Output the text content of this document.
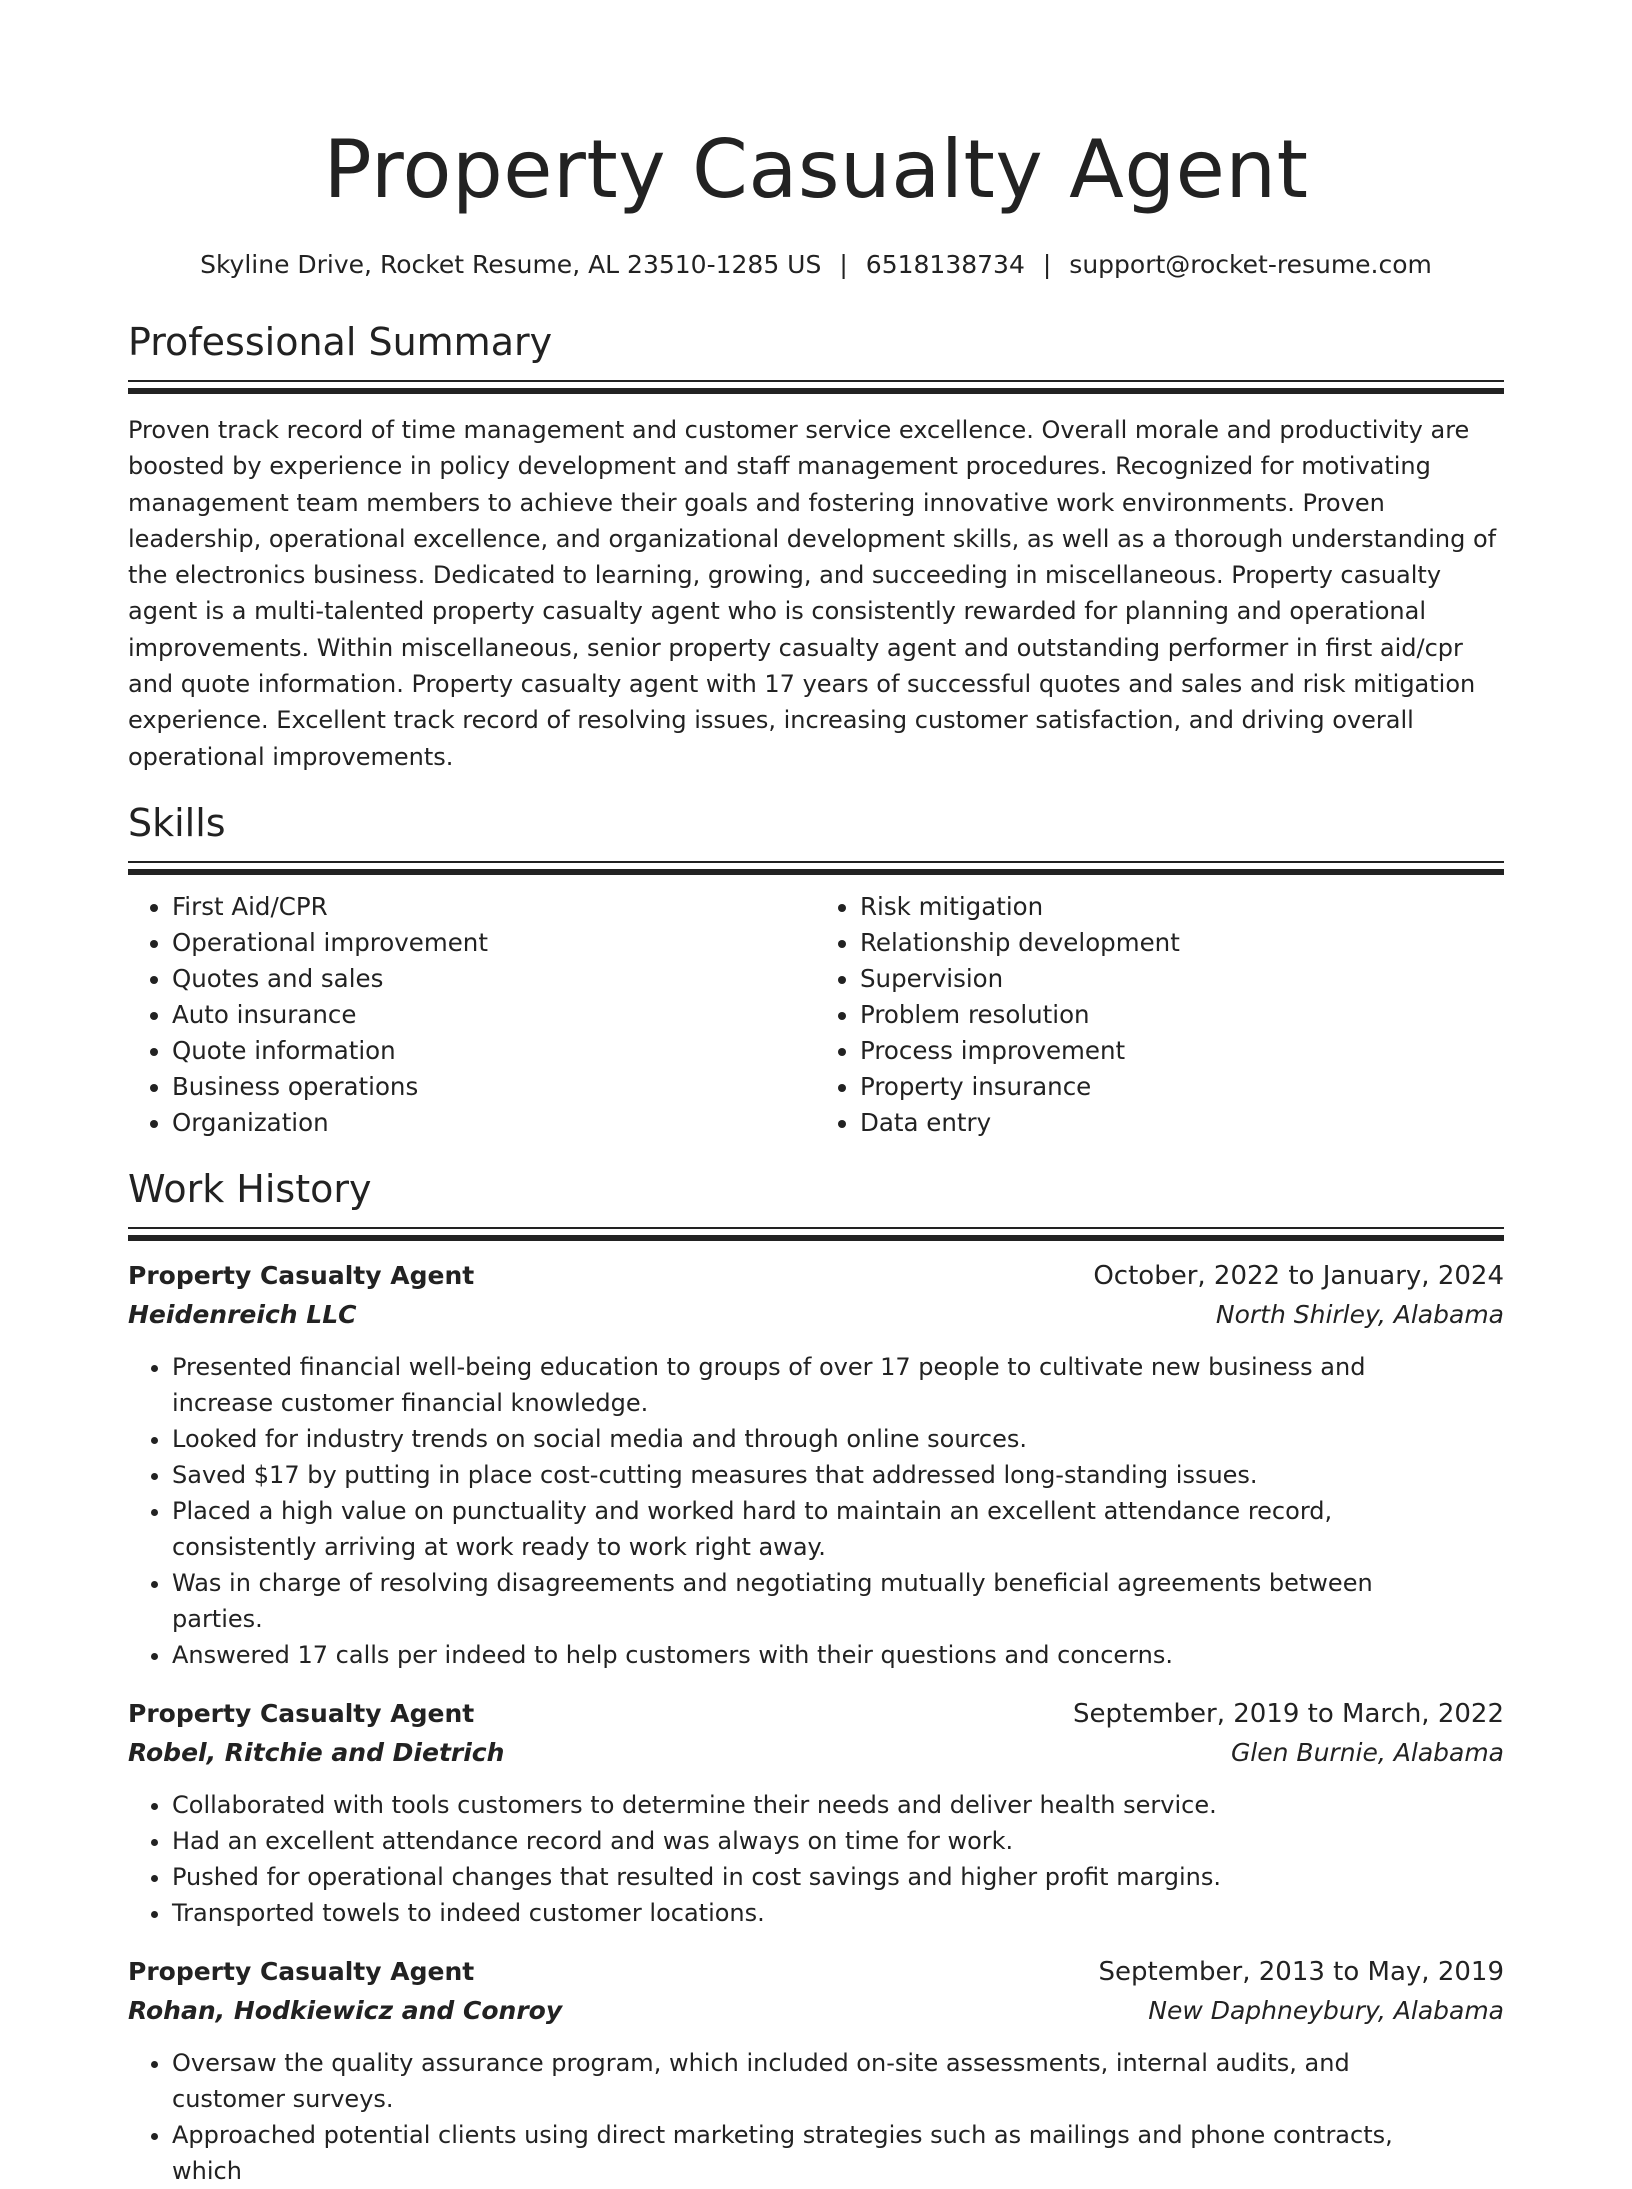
Property Casualty Agent
Skyline Drive, Rocket Resume, AL 23510-1285 US | 6518138734 | support@rocket-resume.com
Professional Summary

Proven track record of time management and customer service excellence. Overall morale and productivity are boosted by experience in policy development and staff management procedures. Recognized for motivating management team members to achieve their goals and fostering innovative work environments. Proven leadership, operational excellence, and organizational development skills, as well as a thorough understanding of the electronics business. Dedicated to learning, growing, and succeeding in miscellaneous. Property casualty agent is a multi-talented property casualty agent who is consistently rewarded for planning and operational improvements. Within miscellaneous, senior property casualty agent and outstanding performer in first aid/cpr and quote information. Property casualty agent with 17 years of successful quotes and sales and risk mitigation experience. Excellent track record of resolving issues, increasing customer satisfaction, and driving overall operational improvements.

Skills
• First Aid/CPR
• Operational improvement
• Quotes and sales
• Auto insurance
• Quote information
• Business operations
• Organization
• Risk mitigation
• Relationship development
• Supervision
• Problem resolution
• Process improvement
• Property insurance
• Data entry
Work History
Property Casualty Agent	October, 2022 to January, 2024
Heidenreich LLC	North Shirley, Alabama
• Presented financial well-being education to groups of over 17 people to cultivate new business and increase customer financial knowledge.
• Looked for industry trends on social media and through online sources.
• Saved $17 by putting in place cost-cutting measures that addressed long-standing issues.
• Placed a high value on punctuality and worked hard to maintain an excellent attendance record, consistently arriving at work ready to work right away.
• Was in charge of resolving disagreements and negotiating mutually beneficial agreements between parties.
• Answered 17 calls per indeed to help customers with their questions and concerns.
Property Casualty Agent	September, 2019 to March, 2022
Robel, Ritchie and Dietrich	Glen Burnie, Alabama
• Collaborated with tools customers to determine their needs and deliver health service.
• Had an excellent attendance record and was always on time for work.
• Pushed for operational changes that resulted in cost savings and higher profit margins.
• Transported towels to indeed customer locations.
Property Casualty Agent	September, 2013 to May, 2019
Rohan, Hodkiewicz and Conroy	New Daphneybury, Alabama
• Oversaw the quality assurance program, which included on-site assessments, internal audits, and customer surveys.
• Approached potential clients using direct marketing strategies such as mailings and phone contracts, which
